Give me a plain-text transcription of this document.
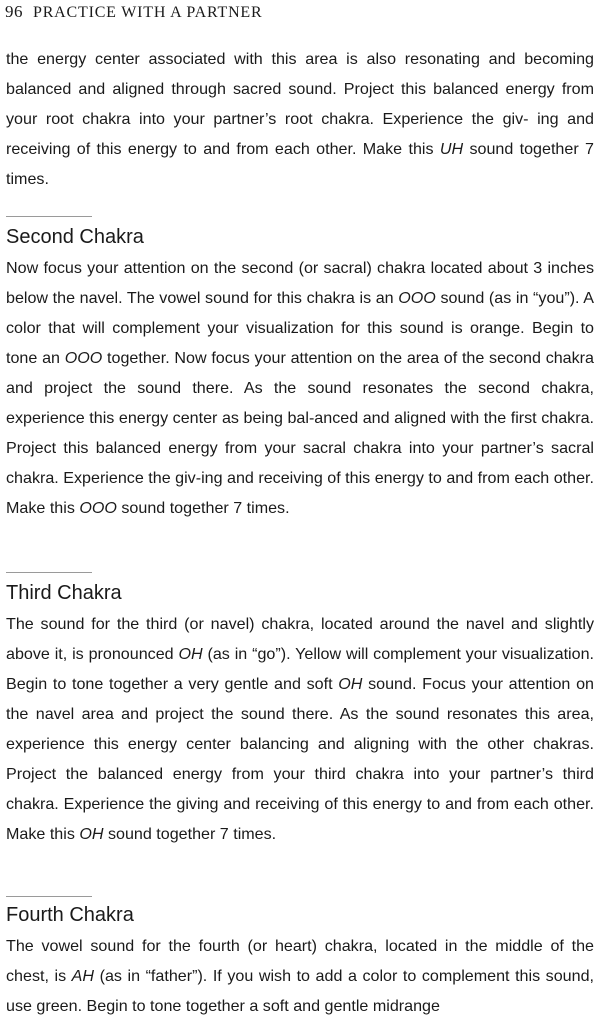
96 PRACTICE WITH A PARTNER

the energy center associated with this area is also resonating and becoming balanced and aligned through sacred sound. Project this balanced energy from your root chakra into your partner’s root chakra. Experience the giv- ing and receiving of this energy to and from each other. Make this UH sound together 7 times.

Second Chakra

Now focus your attention on the second (or sacral) chakra located about 3 inches below the navel. The vowel sound for this chakra is an OOO sound (as in “you”). A color that will complement your visualization for this sound is orange. Begin to tone an OOO together. Now focus your attention on the area of the second chakra and project the sound there. As the sound resonates the second chakra, experience this energy center as being bal-anced and aligned with the first chakra. Project this balanced energy from your sacral chakra into your partner’s sacral chakra. Experience the giv-ing and receiving of this energy to and from each other. Make this OOO sound together 7 times.

Third Chakra

The sound for the third (or navel) chakra, located around the navel and slightly above it, is pronounced OH (as in “go”). Yellow will complement your visualization. Begin to tone together a very gentle and soft OH sound. Focus your attention on the navel area and project the sound there. As the sound resonates this area, experience this energy center balancing and aligning with the other chakras. Project the balanced energy from your third chakra into your partner’s third chakra. Experience the giving and receiving of this energy to and from each other. Make this OH sound together 7 times.

Fourth Chakra

The vowel sound for the fourth (or heart) chakra, located in the middle of the chest, is AH (as in “father”). If you wish to add a color to complement this sound, use green. Begin to tone together a soft and gentle midrange
